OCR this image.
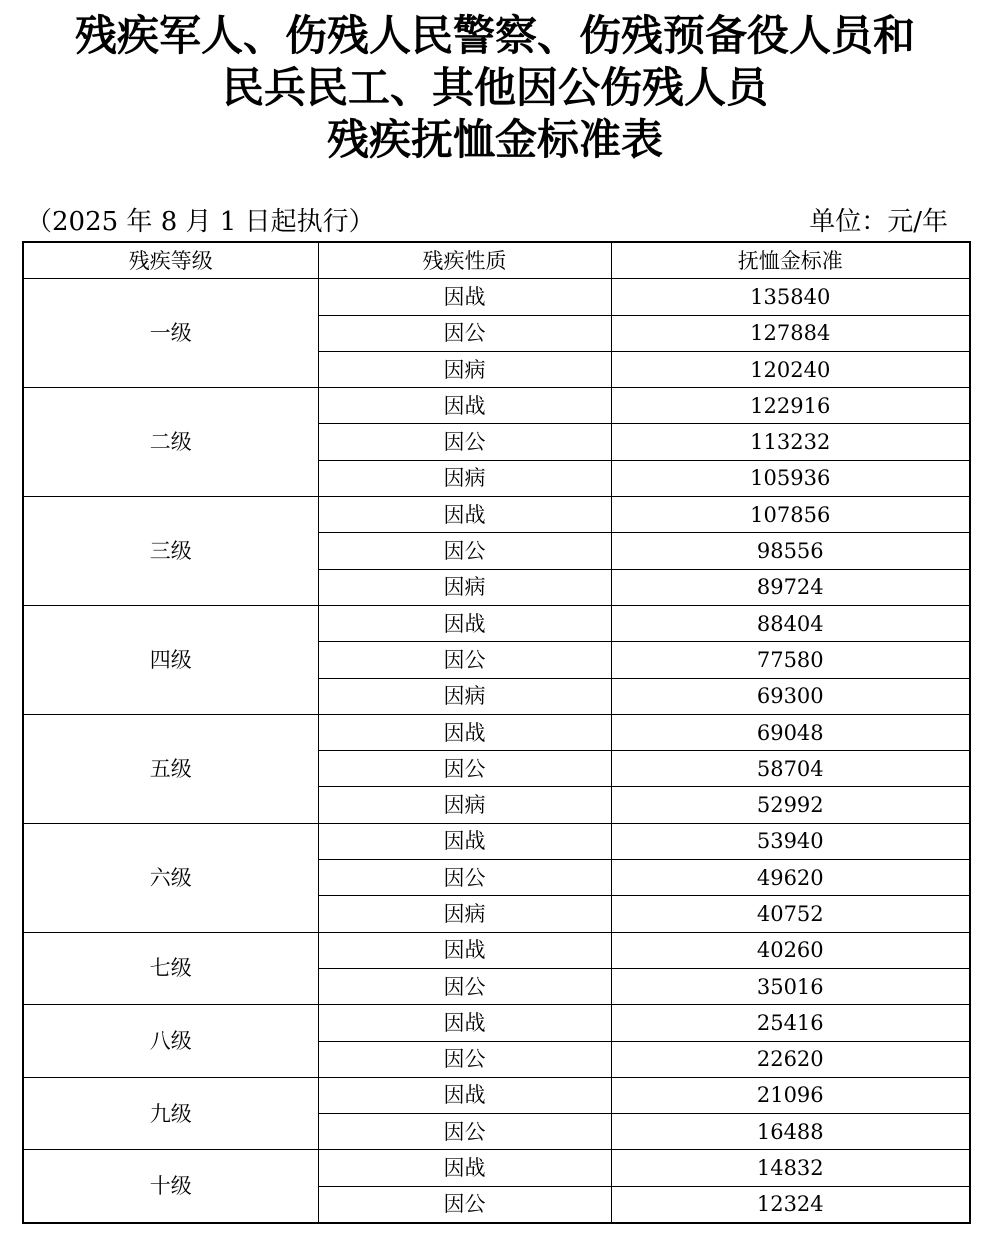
残疾军人、伤残人民警察、伤残预备役人员和
民兵民工、其他因公伤残人员
残疾抚恤金标准表
（2025 年 8 月 1 日起执行）	单位：元/年
残疾等级	残疾性质	抚恤金标准
一级	因战	135840
	因公	127884
	因病	120240
二级	因战	122916
	因公	113232
	因病	105936
三级	因战	107856
	因公	98556
	因病	89724
四级	因战	88404
	因公	77580
	因病	69300
五级	因战	69048
	因公	58704
	因病	52992
六级	因战	53940
	因公	49620
	因病	40752
七级	因战	40260
	因公	35016
八级	因战	25416
	因公	22620
九级	因战	21096
	因公	16488
十级	因战	14832
	因公	12324
